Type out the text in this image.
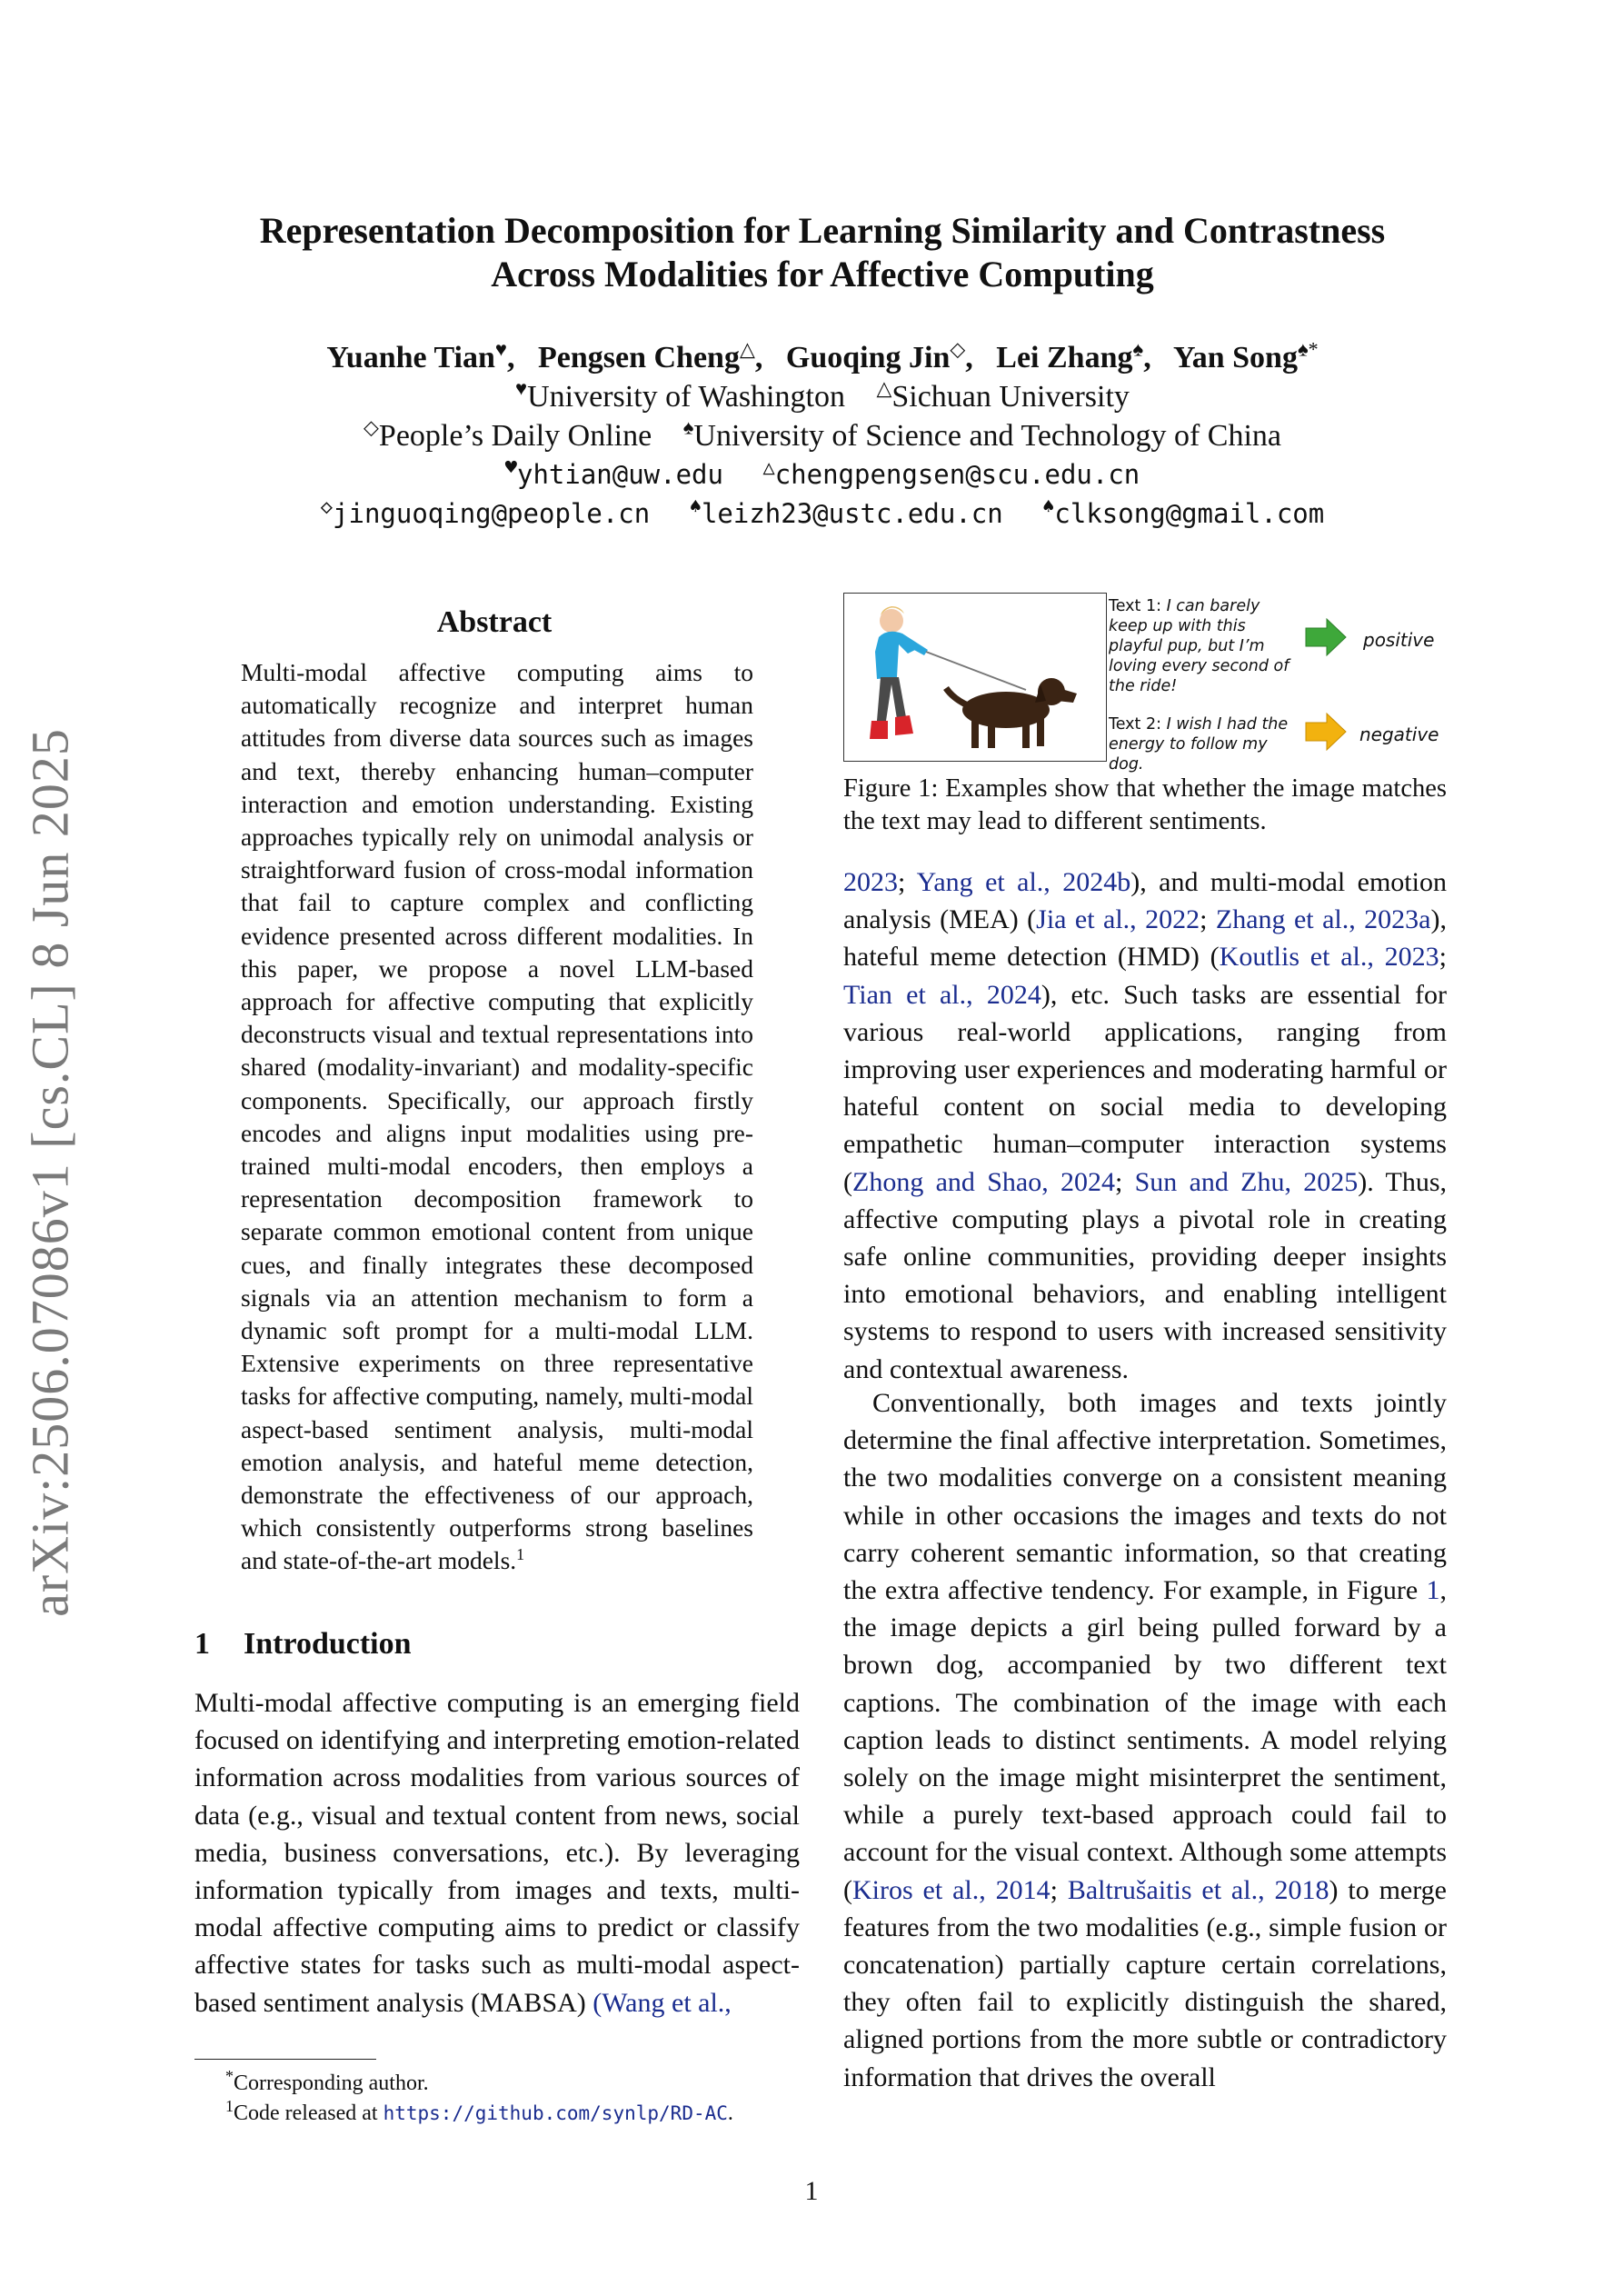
arXiv:2506.07086v1 [cs.CL] 8 Jun 2025
Representation Decomposition for Learning Similarity and Contrastness
Across Modalities for Affective Computing
Yuanhe Tian♥,   Pengsen Cheng△,   Guoqing Jin◇,   Lei Zhang♠,   Yan Song♠*
♥University of Washington △Sichuan University
◇People’s Daily Online ♠University of Science and Technology of China
♥yhtian@uw.edu △chengpengsen@scu.edu.cn
◇jinguoqing@people.cn ♠leizh23@ustc.edu.cn ♠clksong@gmail.com
Abstract
Multi-modal affective computing aims to automatically recognize and interpret human attitudes from diverse data sources such as images and text, thereby enhancing human–computer interaction and emotion understanding. Existing approaches typically rely on unimodal analysis or straightforward fusion of cross-modal information that fail to capture complex and conflicting evidence presented across different modalities. In this paper, we propose a novel LLM-based approach for affective computing that explicitly deconstructs visual and textual representations into shared (modality-invariant) and modality-specific components. Specifically, our approach firstly encodes and aligns input modalities using pre-trained multi-modal encoders, then employs a representation decomposition framework to separate common emotional content from unique cues, and finally integrates these decomposed signals via an attention mechanism to form a dynamic soft prompt for a multi-modal LLM. Extensive experiments on three representative tasks for affective computing, namely, multi-modal aspect-based sentiment analysis, multi-modal emotion analysis, and hateful meme detection, demonstrate the effectiveness of our approach, which consistently outperforms strong baselines and state-of-the-art models.$^1$
1 Introduction
Multi-modal affective computing is an emerging field focused on identifying and interpreting emotion-related information across modalities from various sources of data (e.g., visual and textual content from news, social media, business conversations, etc.). By leveraging information typically from images and texts, multi-modal affective computing aims to predict or classify affective states for tasks such as multi-modal aspect-based sentiment analysis (MABSA) (Wang et al.,
*Corresponding author.
$^1$Code released at https://github.com/synlp/RD-AC.
Text 1: I can barely keep up with this playful pup, but I’m loving every second of the ride!
Text 2: I wish I had the energy to follow my dog.
positive
negative
Figure 1: Examples show that whether the image matches the text may lead to different sentiments.
2023; Yang et al., 2024b), and multi-modal emotion analysis (MEA) (Jia et al., 2022; Zhang et al., 2023a), hateful meme detection (HMD) (Koutlis et al., 2023; Tian et al., 2024), etc. Such tasks are essential for various real-world applications, ranging from improving user experiences and moderating harmful or hateful content on social media to developing empathetic human–computer interaction systems (Zhong and Shao, 2024; Sun and Zhu, 2025). Thus, affective computing plays a pivotal role in creating safe online communities, providing deeper insights into emotional behaviors, and enabling intelligent systems to respond to users with increased sensitivity and contextual awareness.
Conventionally, both images and texts jointly determine the final affective interpretation. Sometimes, the two modalities converge on a consistent meaning while in other occasions the images and texts do not carry coherent semantic information, so that creating the extra affective tendency. For example, in Figure 1, the image depicts a girl being pulled forward by a brown dog, accompanied by two different text captions. The combination of the image with each caption leads to distinct sentiments. A model relying solely on the image might misinterpret the sentiment, while a purely text-based approach could fail to account for the visual context. Although some attempts (Kiros et al., 2014; Baltrušaitis et al., 2018) to merge features from the two modalities (e.g., simple fusion or concatenation) partially capture certain correlations, they often fail to explicitly distinguish the shared, aligned portions from the more subtle or contradictory information that drives the overall
1
